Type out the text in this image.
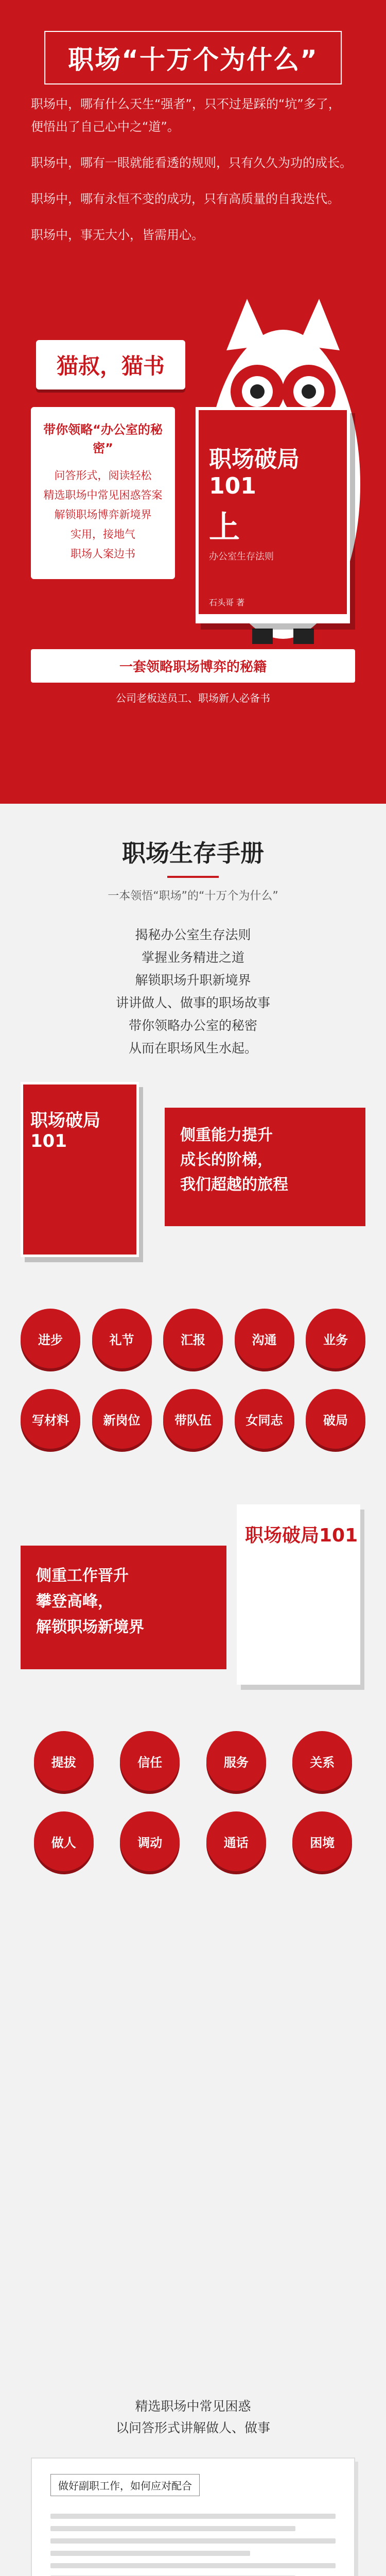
职场“十万个为什么”

职场中，哪有什么天生“强者”，只不过是踩的“坑”多了，

便悟出了自己心中之“道”。

职场中，哪有一眼就能看透的规则，只有久久为功的成长。

职场中，哪有永恒不变的成功，只有高质量的自我迭代。

职场中，事无大小，皆需用心。

猫叔，猫书
带你领略“办公室的秘密”
问答形式，阅读轻松
精选职场中常见困惑答案
解锁职场博弈新境界
实用，接地气
职场人案边书
职场破局101
上
办公室生存法则
石头哥 著
一套领略职场博弈的秘籍
公司老板送员工、职场新人必备书
职场生存手册
一本领悟“职场”的“十万个为什么”
揭秘办公室生存法则
掌握业务精进之道
解锁职场升职新境界
讲讲做人、做事的职场故事
带你领略办公室的秘密
从而在职场风生水起。
职场破局101	侧重能力提升
成长的阶梯，
我们超越的旅程
进步	礼节	汇报	沟通	业务
写材料	新岗位	带队伍	女同志	破局
侧重工作晋升
攀登高峰，
解锁职场新境界
职场破局101
提拔	信任	服务	关系
做人	调动	通话	困境
精选职场中常见困惑
以问答形式讲解做人、做事
做好副职工作，如何应对配合
